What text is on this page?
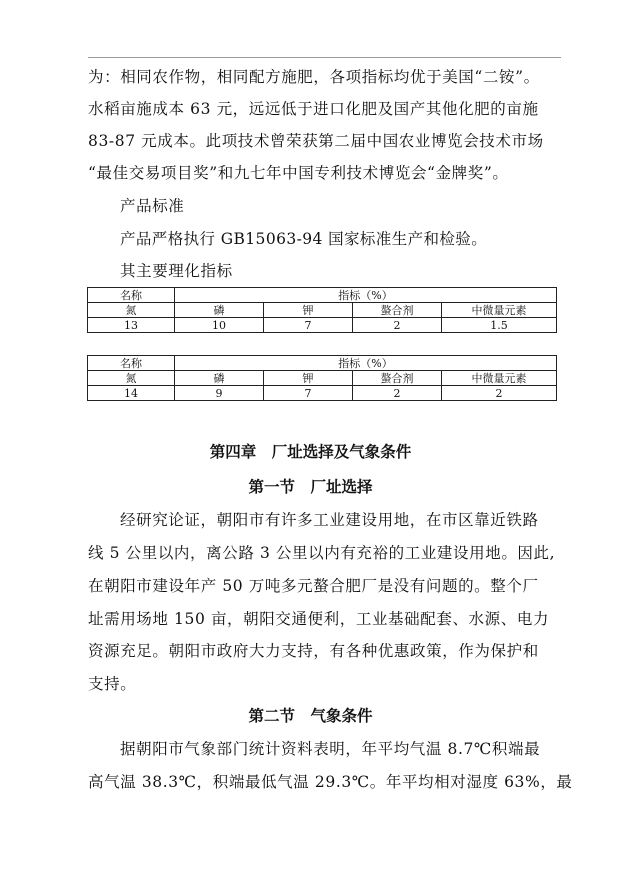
为：相同农作物，相同配方施肥，各项指标均优于美国“二铵”。
水稻亩施成本 63 元，远远低于进口化肥及国产其他化肥的亩施
83-87 元成本。此项技术曾荣获第二届中国农业博览会技术市场
“最佳交易项目奖”和九七年中国专利技术博览会“金牌奖”。
产品标准
产品严格执行 GB15063-94 国家标准生产和检验。
其主要理化指标
名称	指标（%）			
氮	磷	钾	螯合剂	中微量元素
13	10	7	2	1.5
名称	指标（%）			
氮	磷	钾	螯合剂	中微量元素
14	9	7	2	2
第四章　厂址选择及气象条件
第一节　厂址选择
经研究论证，朝阳市有许多工业建设用地，在市区靠近铁路
线 5 公里以内，离公路 3 公里以内有充裕的工业建设用地。因此,
在朝阳市建设年产 50 万吨多元螯合肥厂是没有问题的。整个厂
址需用场地 150 亩，朝阳交通便利，工业基础配套、水源、电力
资源充足。朝阳市政府大力支持，有各种优惠政策，作为保护和
支持。
第二节　气象条件
据朝阳市气象部门统计资料表明，年平均气温 8.7℃积端最
高气温 38.3℃，积端最低气温 29.3℃。年平均相对湿度 63%，最
